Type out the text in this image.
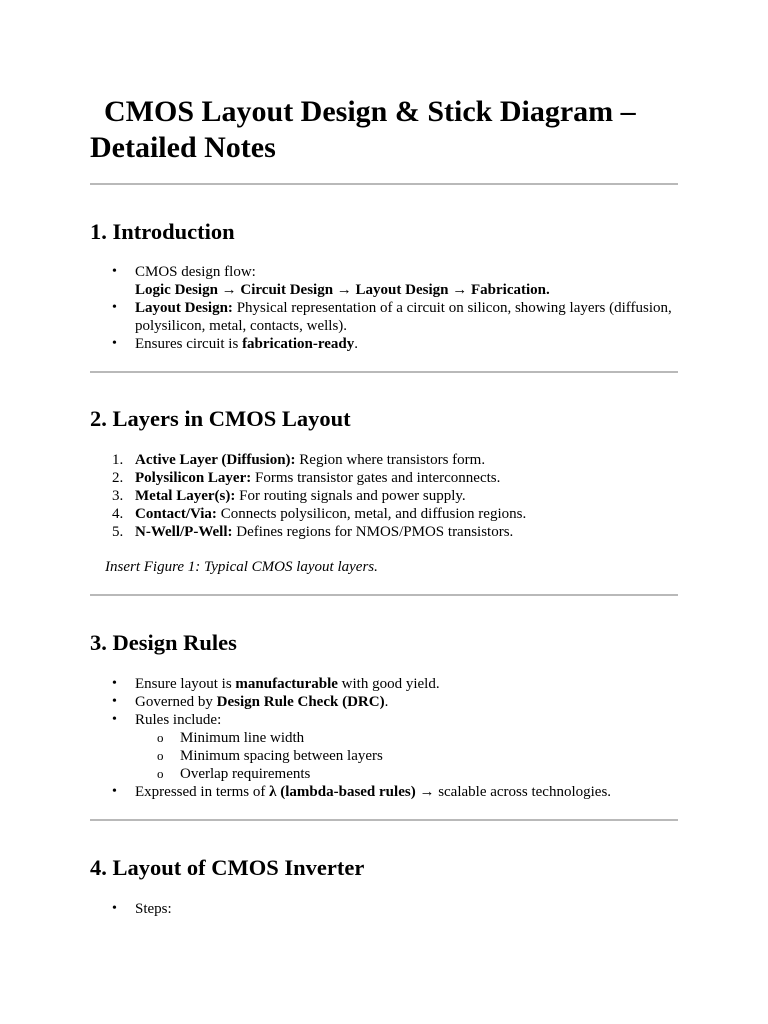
CMOS Layout Design & Stick Diagram –
Detailed Notes
1. Introduction
• CMOS design flow:
Logic Design → Circuit Design → Layout Design → Fabrication.
• Layout Design: Physical representation of a circuit on silicon, showing layers (diffusion, polysilicon, metal, contacts, wells).
• Ensures circuit is fabrication-ready.
2. Layers in CMOS Layout
1. Active Layer (Diffusion): Region where transistors form.
2. Polysilicon Layer: Forms transistor gates and interconnects.
3. Metal Layer(s): For routing signals and power supply.
4. Contact/Via: Connects polysilicon, metal, and diffusion regions.
5. N-Well/P-Well: Defines regions for NMOS/PMOS transistors.
Insert Figure 1: Typical CMOS layout layers.
3. Design Rules
• Ensure layout is manufacturable with good yield.
• Governed by Design Rule Check (DRC).
• Rules include:
o Minimum line width
o Minimum spacing between layers
o Overlap requirements
• Expressed in terms of λ (lambda-based rules) → scalable across technologies.
4. Layout of CMOS Inverter
• Steps:
